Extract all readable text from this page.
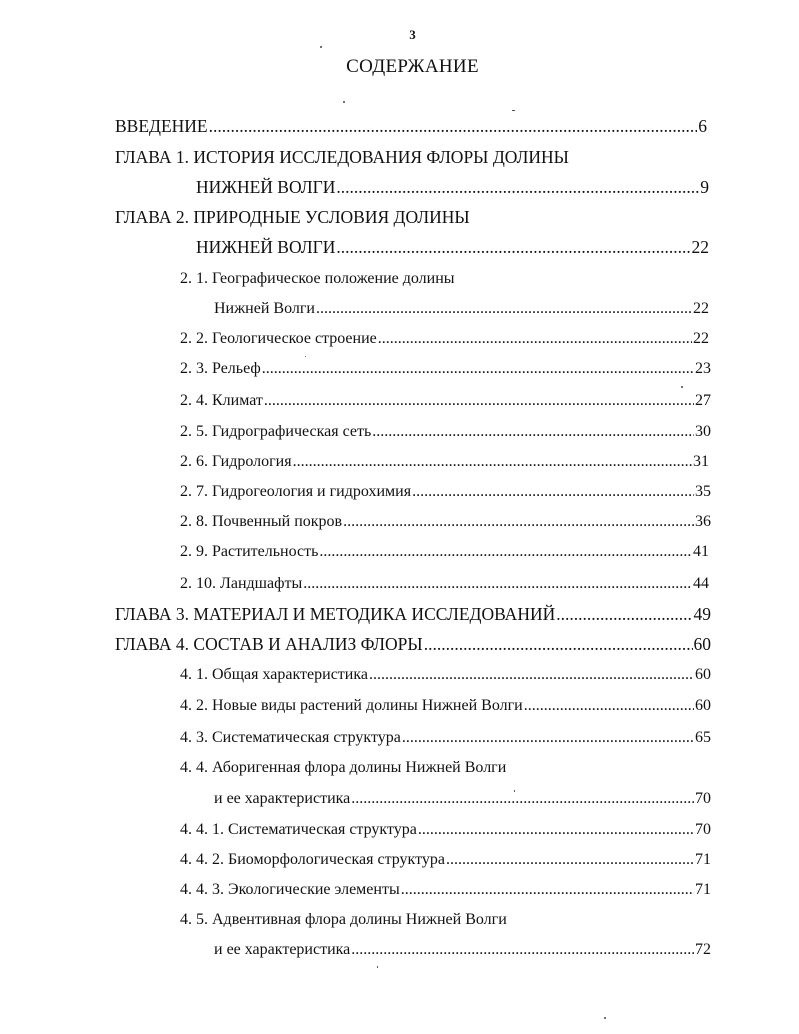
3
СОДЕРЖАНИЕ
ВВЕДЕНИЕ .....	6
ГЛАВА 1. ИСТОРИЯ ИССЛЕДОВАНИЯ ФЛОРЫ ДОЛИНЫ
НИЖНЕЙ ВОЛГИ .....	9
ГЛАВА 2. ПРИРОДНЫЕ УСЛОВИЯ ДОЛИНЫ
НИЖНЕЙ ВОЛГИ .....	22
2. 1. Географическое положение долины
Нижней Волги .....	22
2. 2. Геологическое строение .....	22
2. 3. Рельеф .....	23
2. 4. Климат .....	27
2. 5. Гидрографическая сеть .....	30
2. 6. Гидрология .....	31
2. 7. Гидрогеология и гидрохимия .....	35
2. 8. Почвенный покров .....	36
2. 9. Растительность .....	41
2. 10. Ландшафты .....	44
ГЛАВА 3. МАТЕРИАЛ И МЕТОДИКА ИССЛЕДОВАНИЙ .....	49
ГЛАВА 4. СОСТАВ И АНАЛИЗ ФЛОРЫ .....	60
4. 1. Общая характеристика .....	60
4. 2. Новые виды растений долины Нижней Волги .....	60
4. 3. Систематическая структура .....	65
4. 4. Аборигенная флора долины Нижней Волги
и ее характеристика .....	70
4. 4. 1. Систематическая структура .....	70
4. 4. 2. Биоморфологическая структура .....	71
4. 4. 3. Экологические элементы .....	71
4. 5. Адвентивная флора долины Нижней Волги
и ее характеристика .....	72
